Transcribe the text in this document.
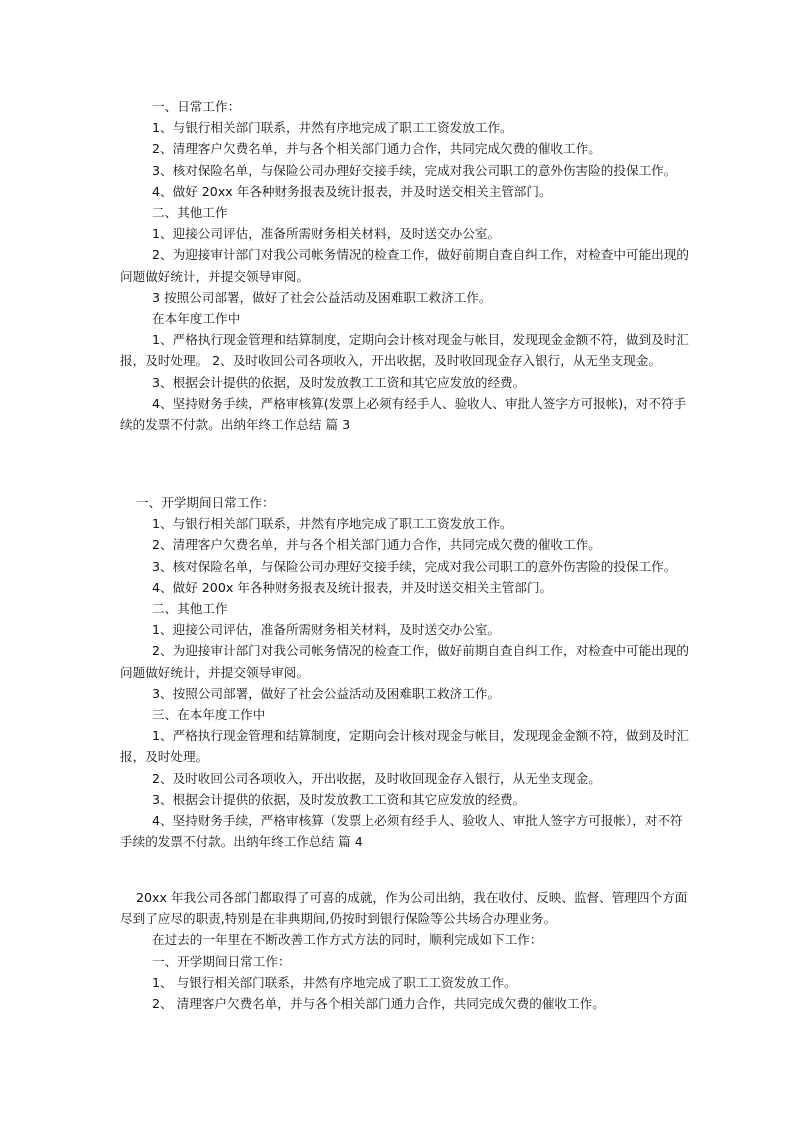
一、日常工作：

1、与银行相关部门联系，井然有序地完成了职工工资发放工作。

2、清理客户欠费名单，并与各个相关部门通力合作，共同完成欠费的催收工作。

3、核对保险名单，与保险公司办理好交接手续，完成对我公司职工的意外伤害险的投保工作。

4、做好 20xx 年各种财务报表及统计报表，并及时送交相关主管部门。

二、其他工作

1、迎接公司评估，准备所需财务相关材料，及时送交办公室。

2、为迎接审计部门对我公司帐务情况的检查工作，做好前期自查自纠工作，对检查中可能出现的问题做好统计，并提交领导审阅。

3 按照公司部署，做好了社会公益活动及困难职工救济工作。

在本年度工作中

1、严格执行现金管理和结算制度，定期向会计核对现金与帐目，发现现金金额不符，做到及时汇报，及时处理。 2、及时收回公司各项收入，开出收据，及时收回现金存入银行，从无坐支现金。

3、根据会计提供的依据，及时发放教工工资和其它应发放的经费。

4、坚持财务手续，严格审核算(发票上必须有经手人、验收人、审批人签字方可报帐)，对不符手续的发票不付款。出纳年终工作总结 篇 3

一、开学期间日常工作：

1、与银行相关部门联系，井然有序地完成了职工工资发放工作。

2、清理客户欠费名单，并与各个相关部门通力合作，共同完成欠费的催收工作。

3、核对保险名单，与保险公司办理好交接手续，完成对我公司职工的意外伤害险的投保工作。

4、做好 200x 年各种财务报表及统计报表，并及时送交相关主管部门。

二、其他工作

1、迎接公司评估，准备所需财务相关材料，及时送交办公室。

2、为迎接审计部门对我公司帐务情况的检查工作，做好前期自查自纠工作，对检查中可能出现的问题做好统计，并提交领导审阅。

3、按照公司部署，做好了社会公益活动及困难职工救济工作。

三、在本年度工作中

1、严格执行现金管理和结算制度，定期向会计核对现金与帐目，发现现金金额不符，做到及时汇报，及时处理。

2、及时收回公司各项收入，开出收据，及时收回现金存入银行，从无坐支现金。

3、根据会计提供的依据，及时发放教工工资和其它应发放的经费。

4、坚持财务手续，严格审核算（发票上必须有经手人、验收人、审批人签字方可报帐），对不符手续的发票不付款。出纳年终工作总结 篇 4

20xx 年我公司各部门都取得了可喜的成就，作为公司出纳，我在收付、反映、监督、管理四个方面尽到了应尽的职责,特别是在非典期间,仍按时到银行保险等公共场合办理业务。

在过去的一年里在不断改善工作方式方法的同时，顺利完成如下工作：

一、开学期间日常工作：

1、 与银行相关部门联系，井然有序地完成了职工工资发放工作。

2、 清理客户欠费名单，并与各个相关部门通力合作，共同完成欠费的催收工作。
